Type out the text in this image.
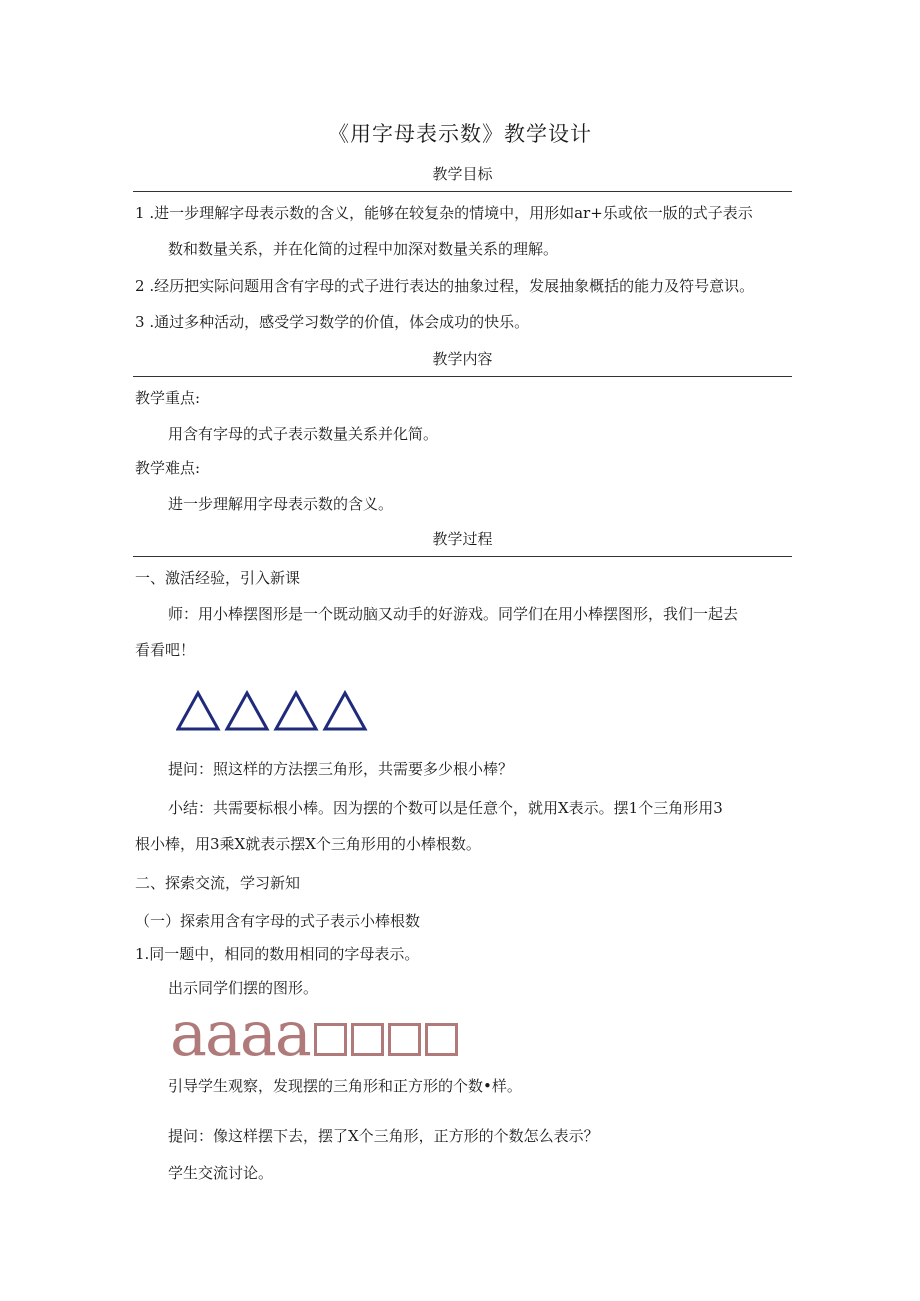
《用字母表示数》教学设计
教学目标
1 .进一步理解字母表示数的含义，能够在较复杂的情境中，用形如ar+乐或依一版的式子表示
数和数量关系，并在化简的过程中加深对数量关系的理解。
2 .经历把实际问题用含有字母的式子进行表达的抽象过程，发展抽象概括的能力及符号意识。
3 .通过多种活动，感受学习数学的价值，体会成功的快乐。
教学内容
教学重点:
用含有字母的式子表示数量关系并化简。
教学难点:
进一步理解用字母表示数的含义。
教学过程
一、激活经验，引入新课
师：用小棒摆图形是一个既动脑又动手的好游戏。同学们在用小棒摆图形，我们一起去
看看吧！
提问：照这样的方法摆三角形，共需要多少根小棒？
小结：共需要标根小棒。因为摆的个数可以是任意个，就用X表示。摆1个三角形用3
根小棒，用3乘X就表示摆X个三角形用的小棒根数。
二、探索交流，学习新知
（一）探索用含有字母的式子表示小棒根数
1.同一题中，相同的数用相同的字母表示。
出示同学们摆的图形。
aaaa
引导学生观察，发现摆的三角形和正方形的个数•样。
提问：像这样摆下去，摆了X个三角形，正方形的个数怎么表示？
学生交流讨论。
